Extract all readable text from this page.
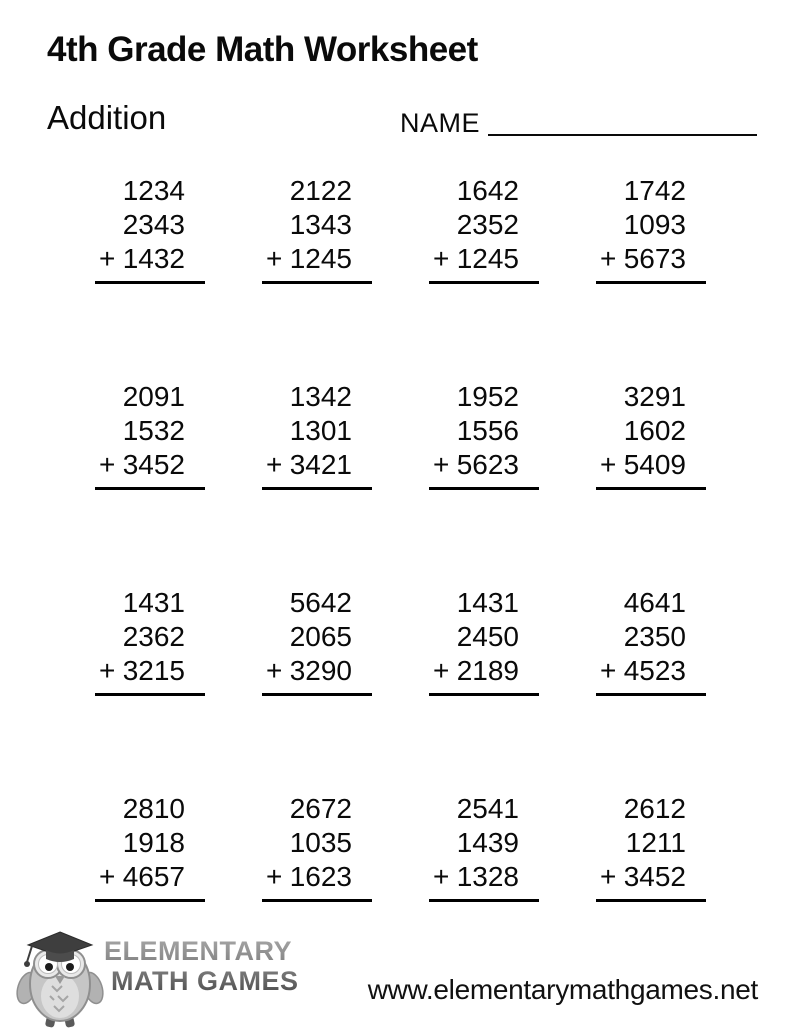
4th Grade Math Worksheet
Addition	NAME
1234
2343
+ 1432
2122
1343
+ 1245
1642
2352
+ 1245
1742
1093
+ 5673
2091
1532
+ 3452
1342
1301
+ 3421
1952
1556
+ 5623
3291
1602
+ 5409
1431
2362
+ 3215
5642
2065
+ 3290
1431
2450
+ 2189
4641
2350
+ 4523
2810
1918
+ 4657
2672
1035
+ 1623
2541
1439
+ 1328
2612
1211
+ 3452
ELEMENTARY
MATH GAMES www.elementarymathgames.net
